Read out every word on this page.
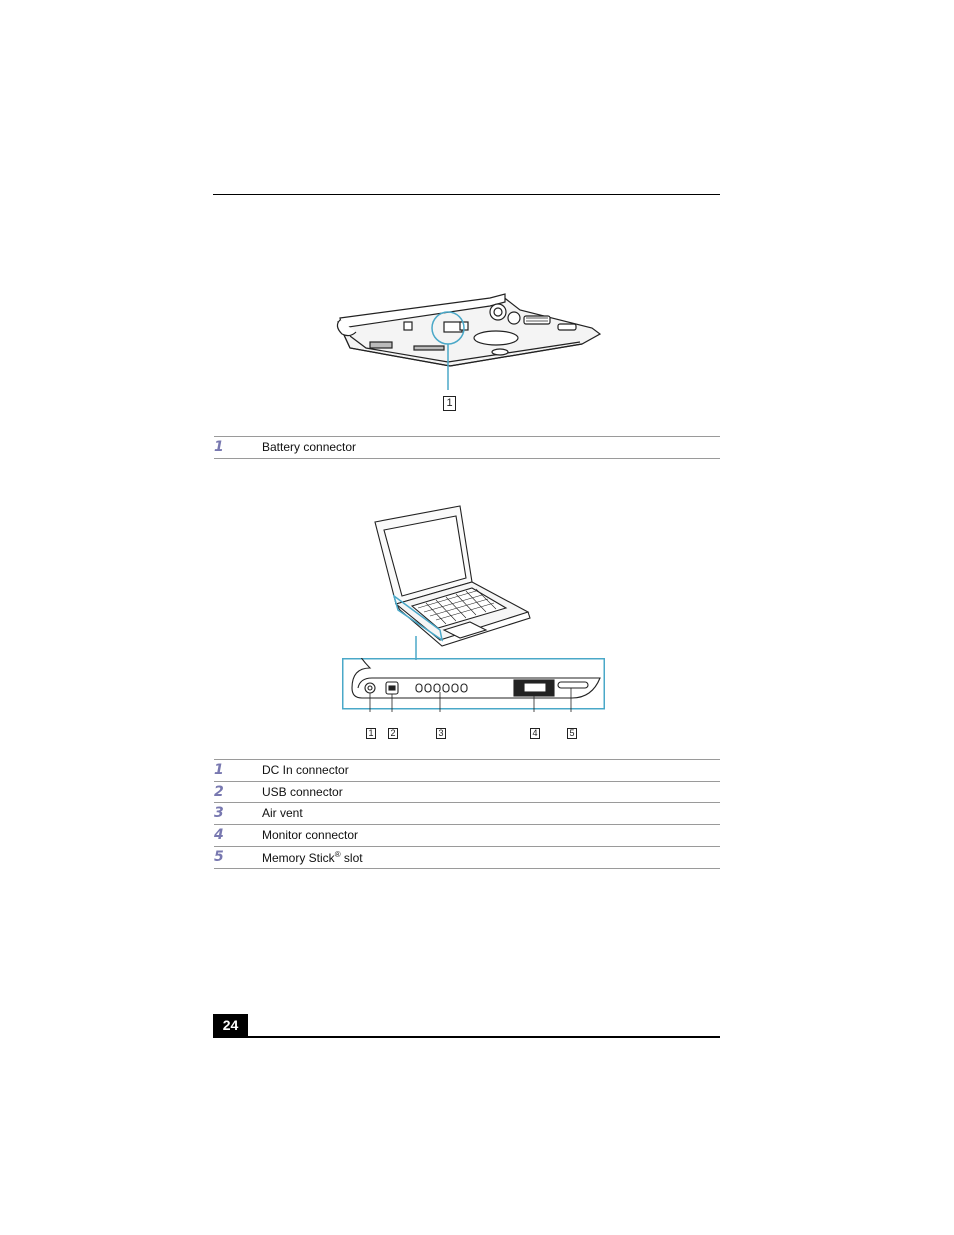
1
1	Battery connector
1 2	3	4	5
1	DC In connector
2	USB connector
3	Air vent
4	Monitor connector
5	Memory Stick® slot
24
